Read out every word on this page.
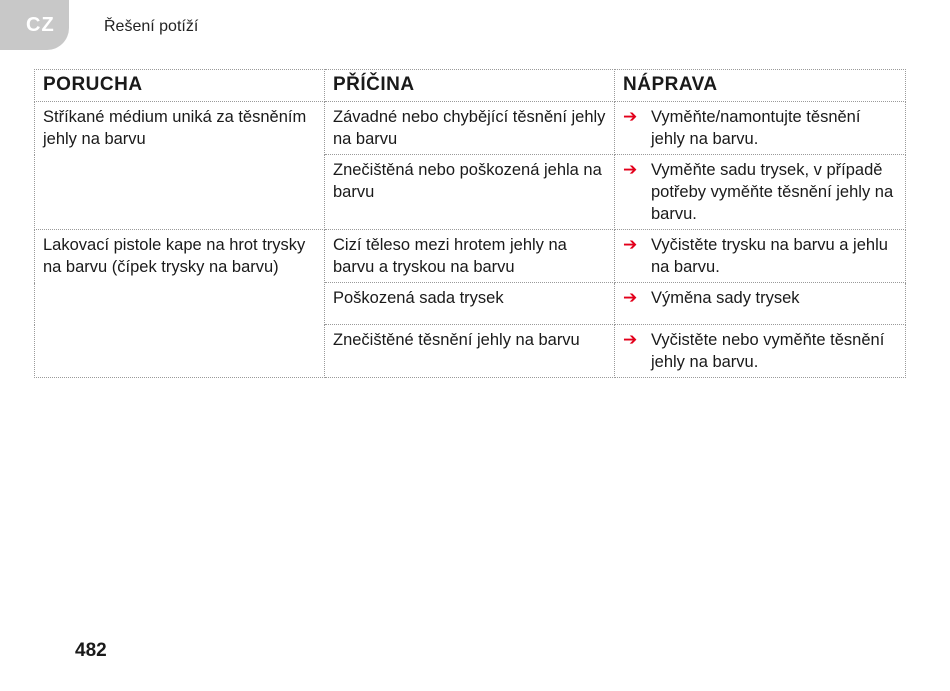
CZ	Řešení potíží
PORUCHA	PŘÍČINA	NÁPRAVA
Stříkané médium uniká za těsněním jehly na barvu	Závadné nebo chybějící těsnění jehly na barvu	➔ Vyměňte/namontujte těsnění jehly na barvu.

	Znečištěná nebo poškozená jehla na barvu	➔ Vyměňte sadu trysek, v případě potřeby vyměňte těsnění jehly na barvu.

Lakovací pistole kape na hrot trysky na barvu (čípek trysky na barvu)	Cizí těleso mezi hrotem jehly na barvu a tryskou na barvu	➔ Vyčistěte trysku na barvu a jehlu na barvu.

	Poškozená sada trysek	➔ Výměna sady trysek

	Znečištěné těsnění jehly na barvu	➔ Vyčistěte nebo vyměňte těsnění jehly na barvu.
482
